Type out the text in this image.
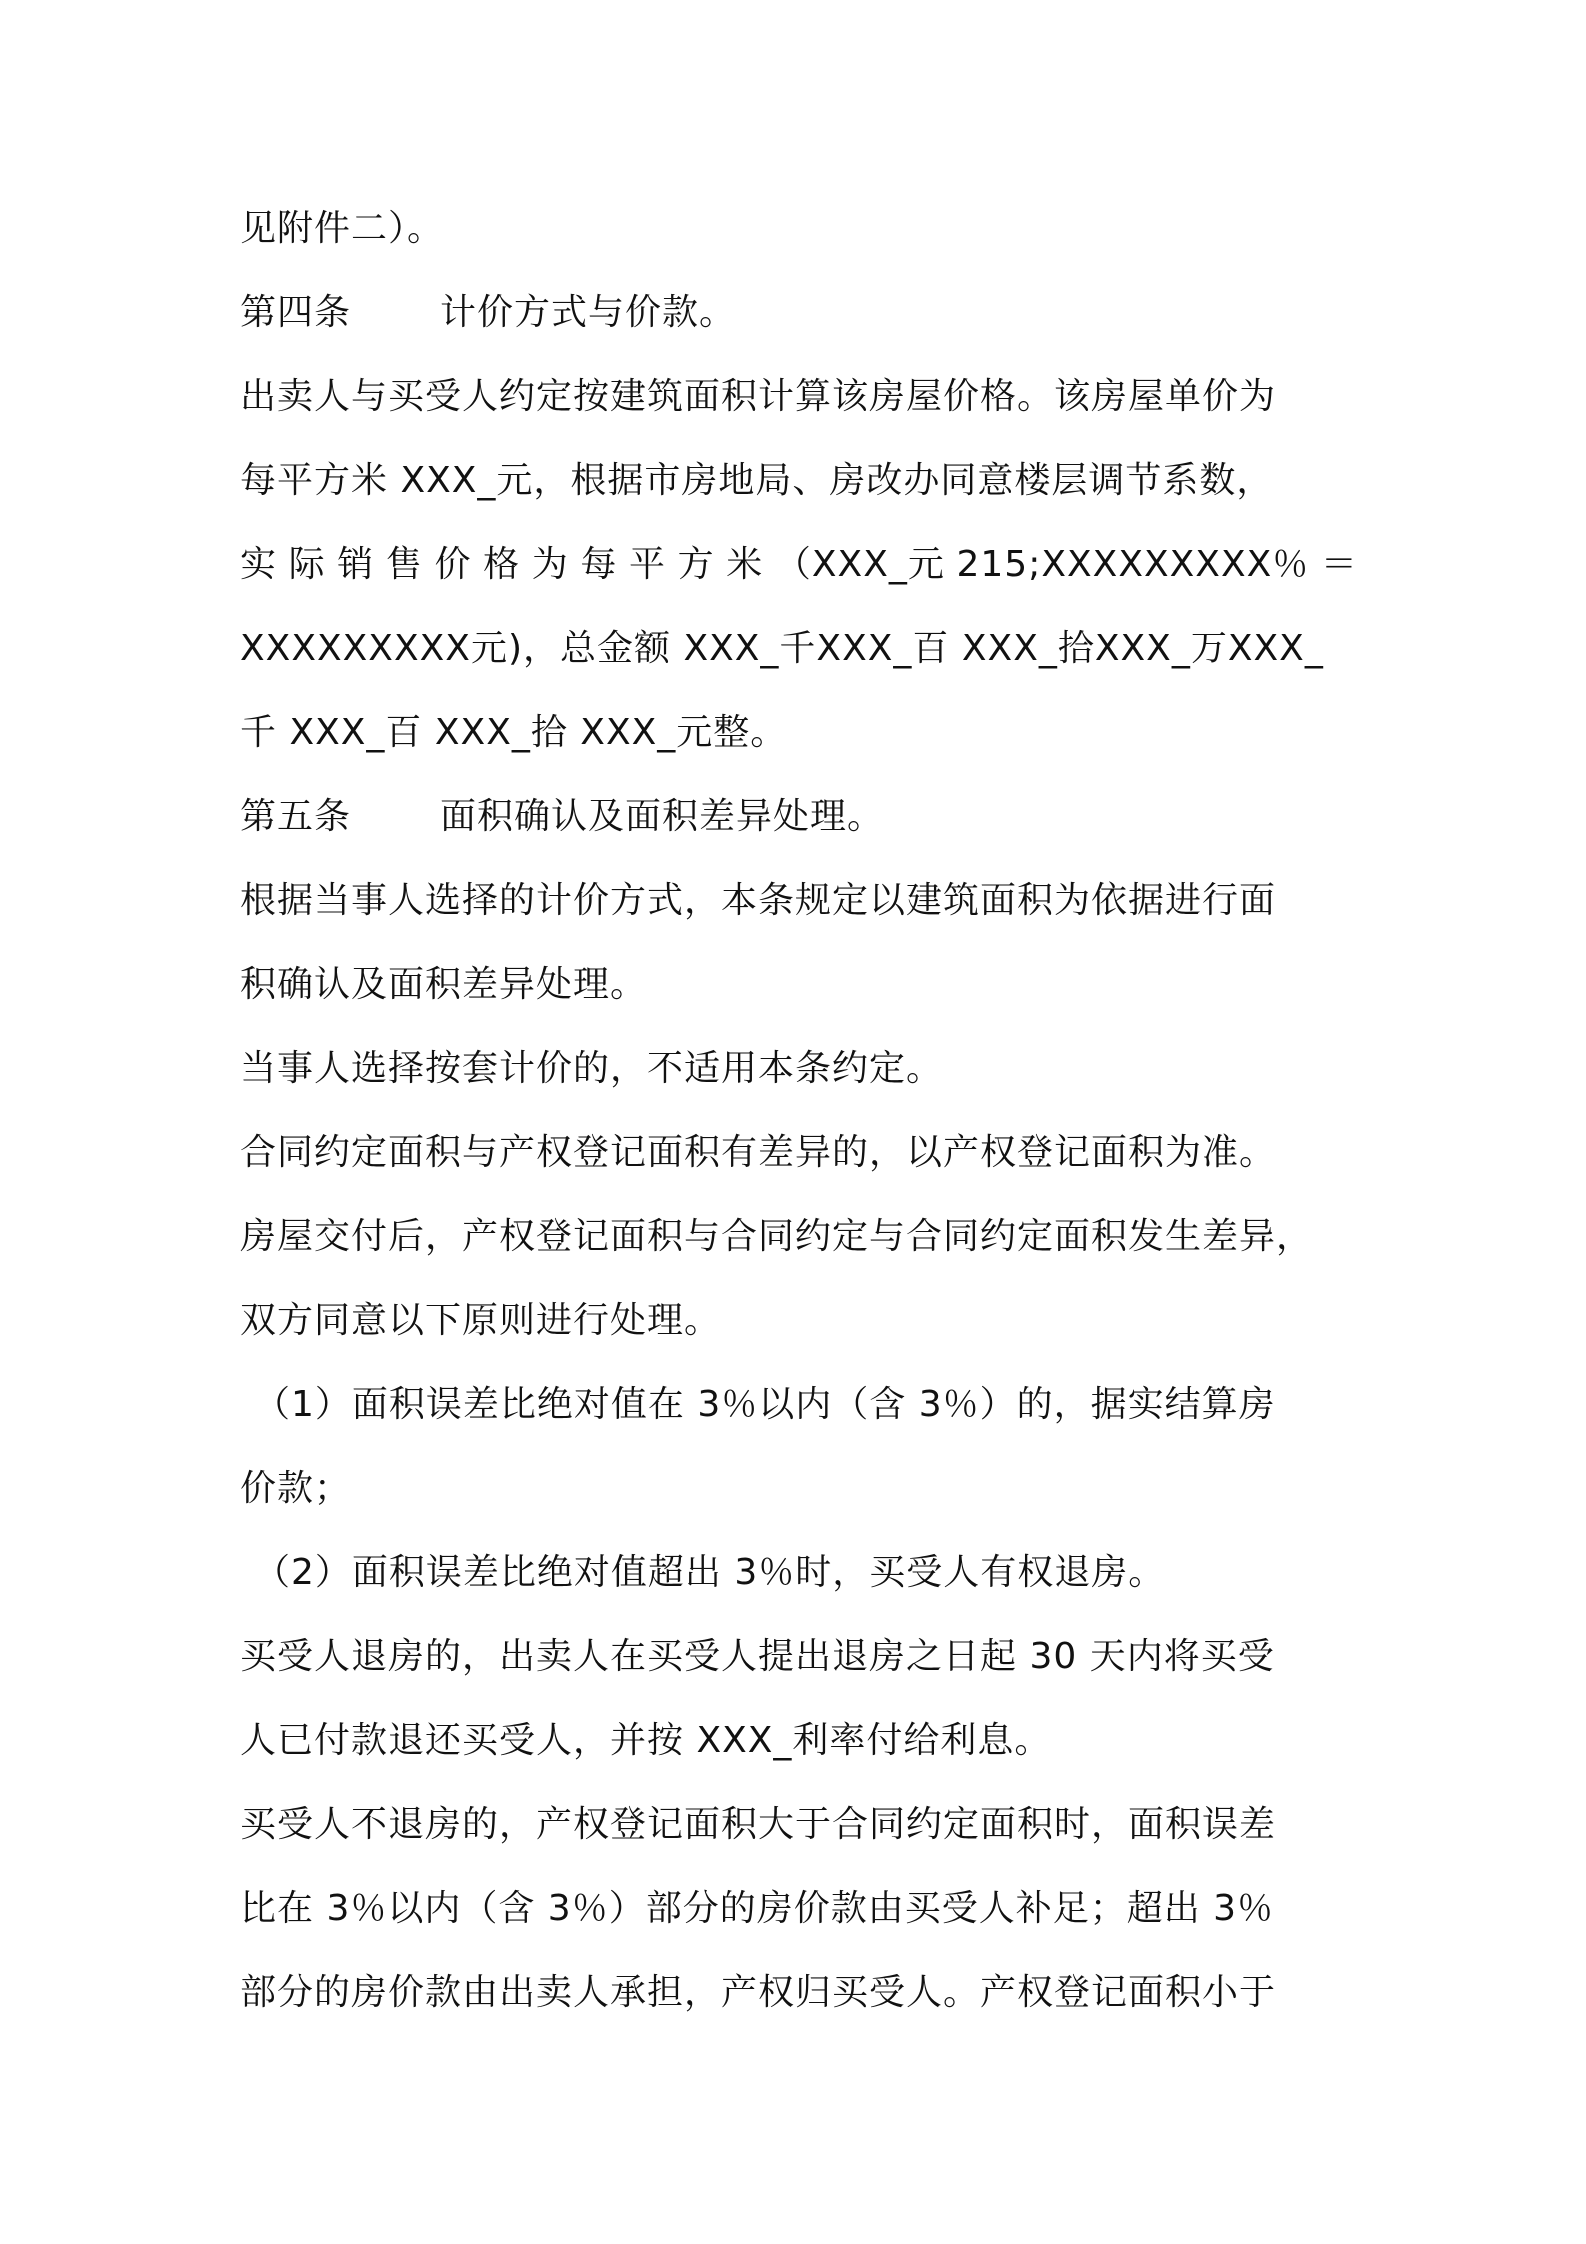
见附件二）。
第四条 计价方式与价款。
出卖人与买受人约定按建筑面积计算该房屋价格。该房屋单价为
每平方米 XXX_元，根据市房地局、房改办同意楼层调节系数，
实 际 销 售 价 格 为 每 平 方 米 （XXX_元 215;XXXXXXXXX％ ＝
XXXXXXXXX元)，总金额 XXX_千XXX_百 XXX_拾XXX_万XXX_
千 XXX_百 XXX_拾 XXX_元整。
第五条 面积确认及面积差异处理。
根据当事人选择的计价方式，本条规定以建筑面积为依据进行面
积确认及面积差异处理。
当事人选择按套计价的，不适用本条约定。
合同约定面积与产权登记面积有差异的，以产权登记面积为准。
房屋交付后，产权登记面积与合同约定与合同约定面积发生差异，
双方同意以下原则进行处理。
（1）面积误差比绝对值在 3％以内（含 3％）的，据实结算房
价款；
（2）面积误差比绝对值超出 3％时，买受人有权退房。
买受人退房的，出卖人在买受人提出退房之日起 30 天内将买受
人已付款退还买受人，并按 XXX_利率付给利息。
买受人不退房的，产权登记面积大于合同约定面积时，面积误差
比在 3％以内（含 3％）部分的房价款由买受人补足；超出 3％
部分的房价款由出卖人承担，产权归买受人。产权登记面积小于
